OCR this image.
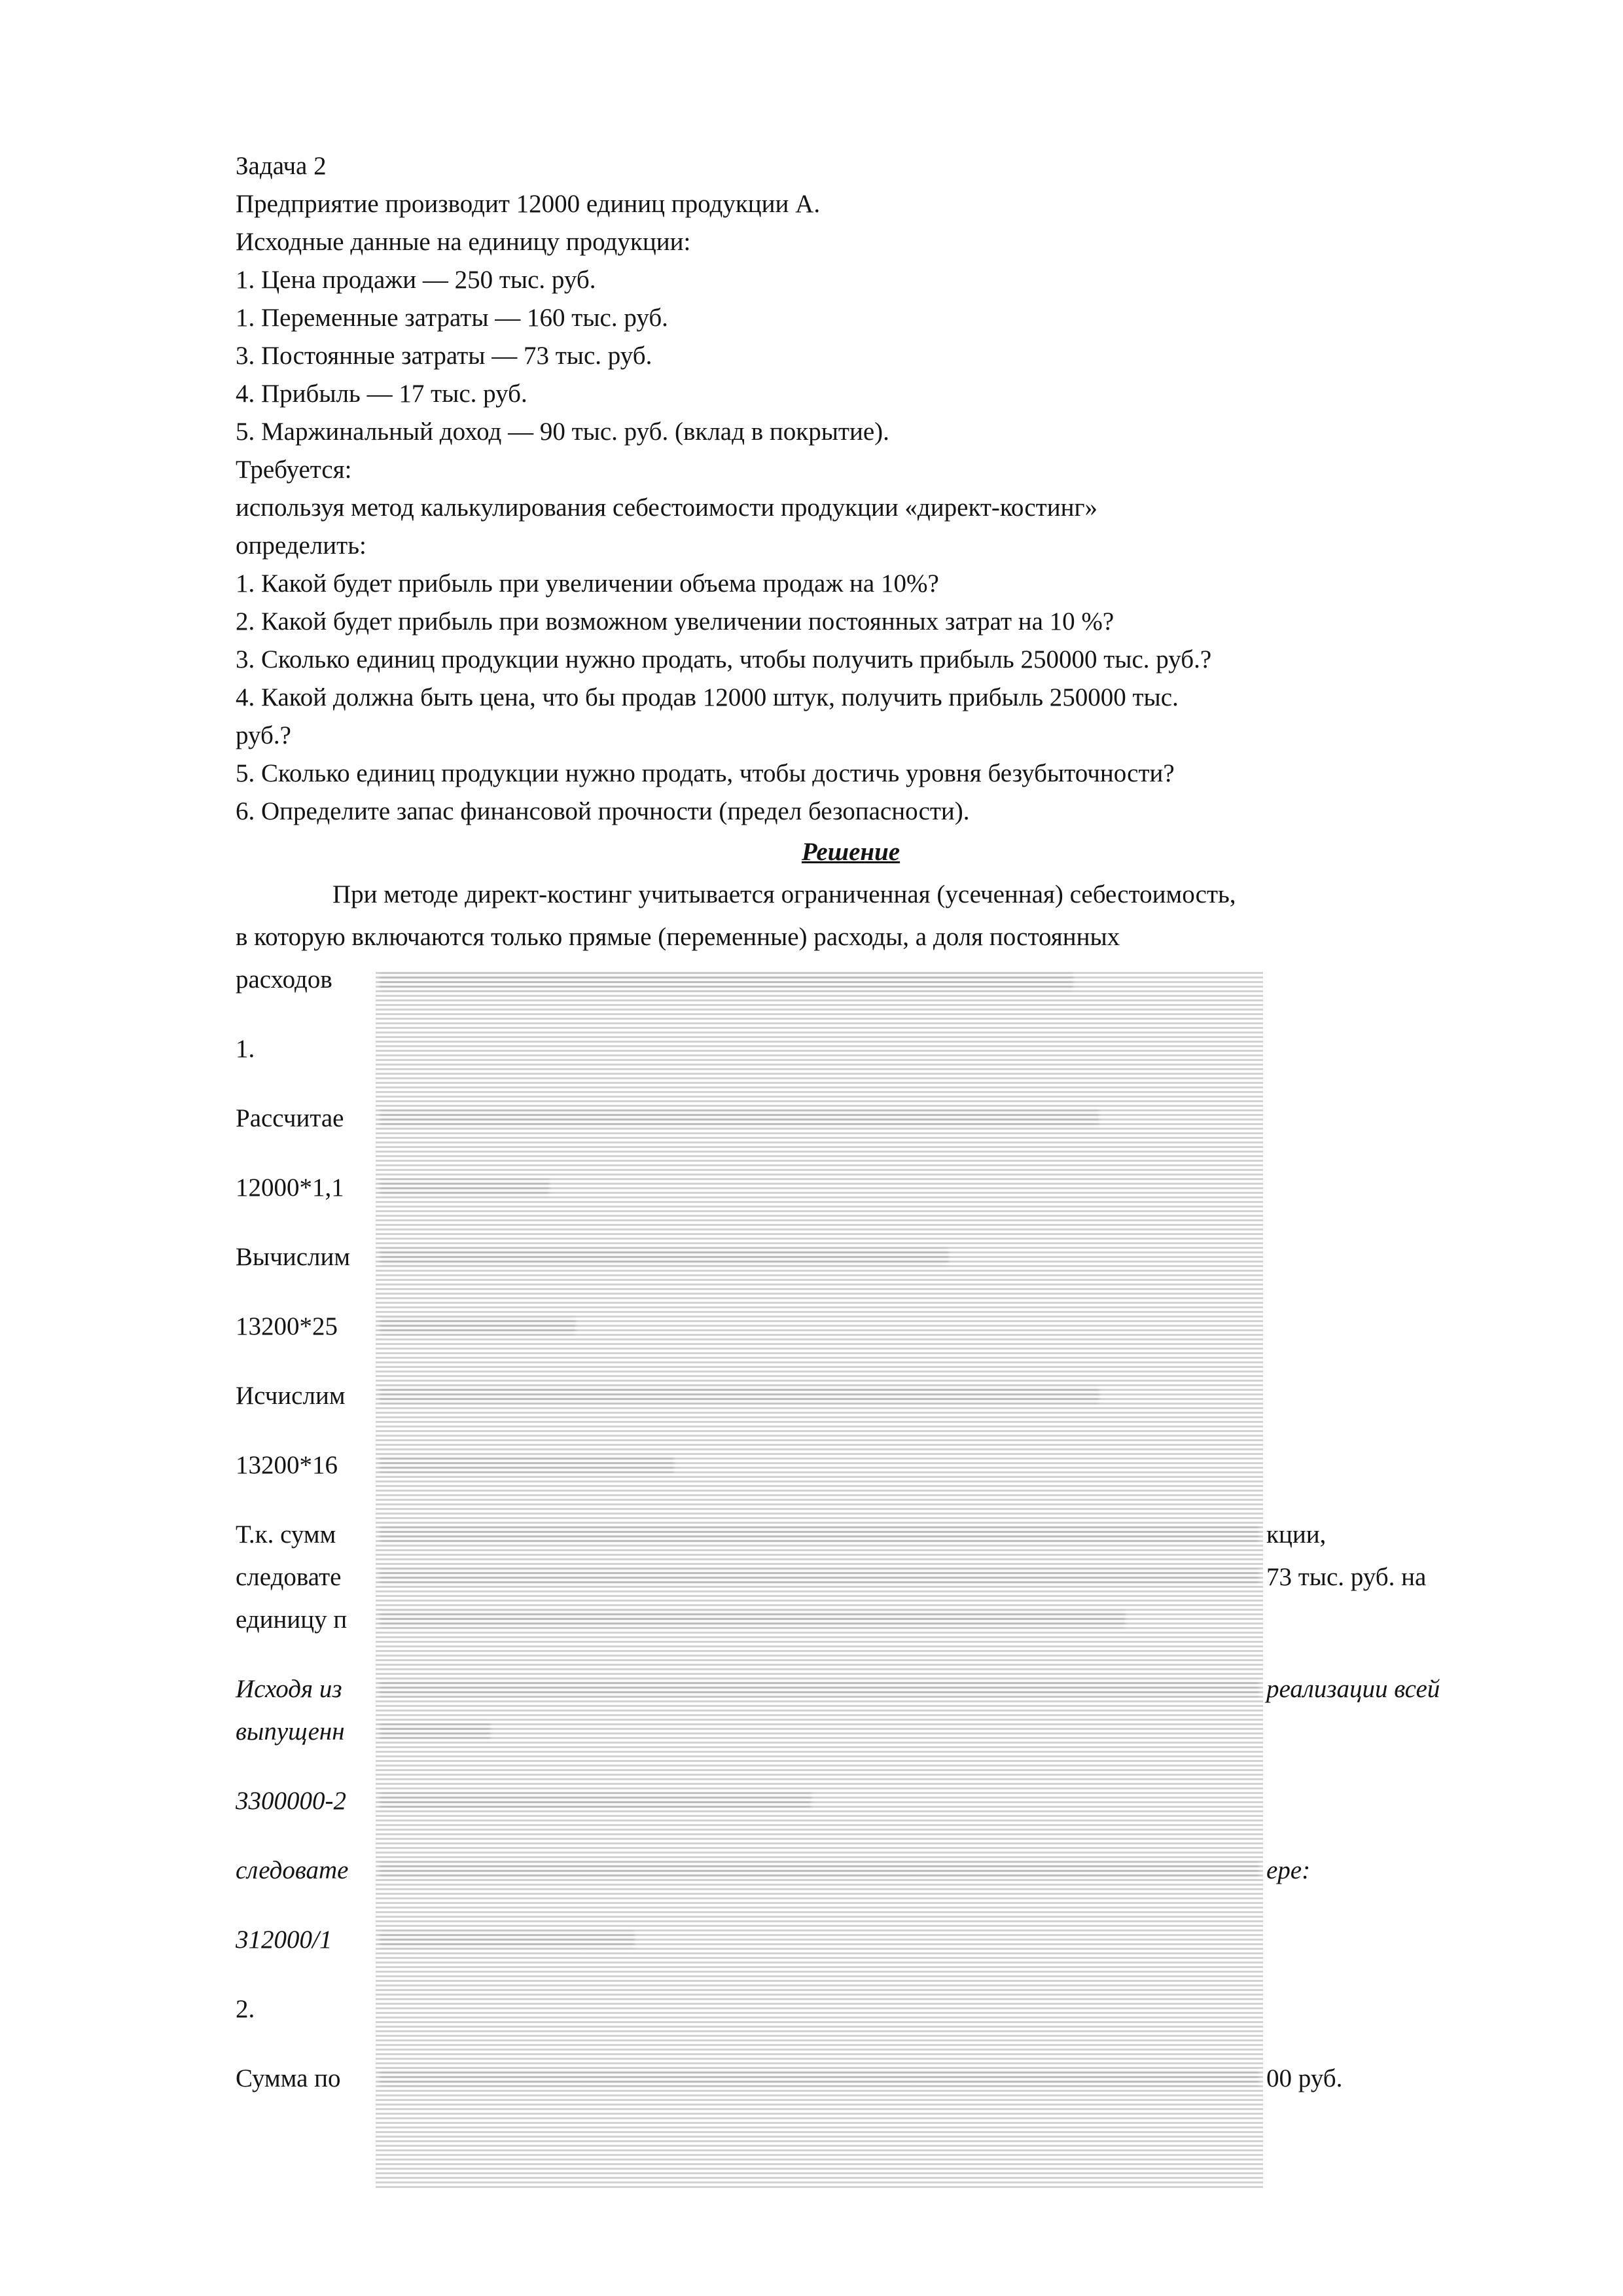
Задача 2

Предприятие производит 12000 единиц продукции А.

Исходные данные на единицу продукции:

1. Цена продажи — 250 тыс. руб.

1. Переменные затраты — 160 тыс. руб.

3. Постоянные затраты — 73 тыс. руб.

4. Прибыль — 17 тыс. руб.

5. Маржинальный доход — 90 тыс. руб. (вклад в покрытие).

Требуется:

используя метод калькулирования себестоимости продукции «директ-костинг»

определить:

1. Какой будет прибыль при увеличении объема продаж на 10%?

2. Какой будет прибыль при возможном увеличении постоянных затрат на 10 %?

3. Сколько единиц продукции нужно продать, чтобы получить прибыль 250000 тыс. руб.?

4. Какой должна быть цена, что бы продав 12000 штук, получить прибыль 250000 тыс.

руб.?

5. Сколько единиц продукции нужно продать, чтобы достичь уровня безубыточности?

6. Определите запас финансовой прочности (предел безопасности).

Решение

При методе директ-костинг учитывается ограниченная (усеченная) себестоимость,

в которую включаются только прямые (переменные) расходы, а доля постоянных

расходов

1.

Рассчитае

12000*1,1

Вычислим

13200*25

Исчислим

13200*16

Т.к. сумм	кции,

следовате	73 тыс. руб. на

единицу п

Исходя из	реализации всей

выпущенн

3300000-2

следовате	ере:

312000/1

2.

Сумма по	00 руб.
